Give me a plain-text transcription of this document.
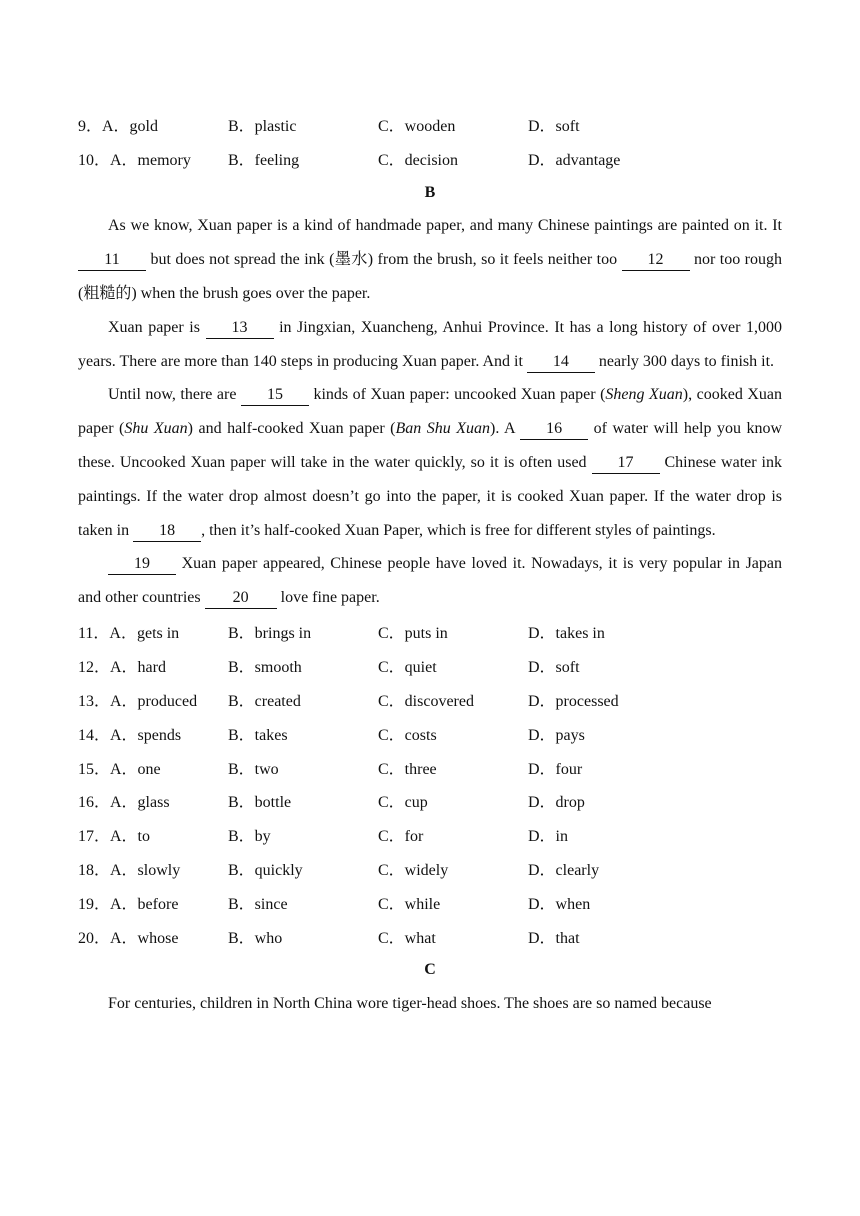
9．A．gold	B．plastic	C．wooden	D．soft
10．A．memory	B．feeling	C．decision	D．advantage
B

As we know, Xuan paper is a kind of handmade paper, and many Chinese paintings are painted on it. It 11 but does not spread the ink (墨水) from the brush, so it feels neither too 12 nor too rough (粗糙的) when the brush goes over the paper.

Xuan paper is 13 in Jingxian, Xuancheng, Anhui Province. It has a long history of over 1,000 years. There are more than 140 steps in producing Xuan paper. And it 14 nearly 300 days to finish it.

Until now, there are 15 kinds of Xuan paper: uncooked Xuan paper (Sheng Xuan), cooked Xuan paper (Shu Xuan) and half-cooked Xuan paper (Ban Shu Xuan). A 16 of water will help you know these. Uncooked Xuan paper will take in the water quickly, so it is often used 17 Chinese water ink paintings. If the water drop almost doesn’t go into the paper, it is cooked Xuan paper. If the water drop is taken in 18 , then it’s half-cooked Xuan Paper, which is free for different styles of paintings.

19 Xuan paper appeared, Chinese people have loved it. Nowadays, it is very popular in Japan and other countries 20 love fine paper.

11．A．gets in	B．brings in	C．puts in	D．takes in
12．A．hard	B．smooth	C．quiet	D．soft
13．A．produced	B．created	C．discovered	D．processed
14．A．spends	B．takes	C．costs	D．pays
15．A．one	B．two	C．three	D．four
16．A．glass	B．bottle	C．cup	D．drop
17．A．to	B．by	C．for	D．in
18．A．slowly	B．quickly	C．widely	D．clearly
19．A．before	B．since	C．while	D．when
20．A．whose	B．who	C．what	D．that
C

For centuries, children in North China wore tiger-head shoes. The shoes are so named because
